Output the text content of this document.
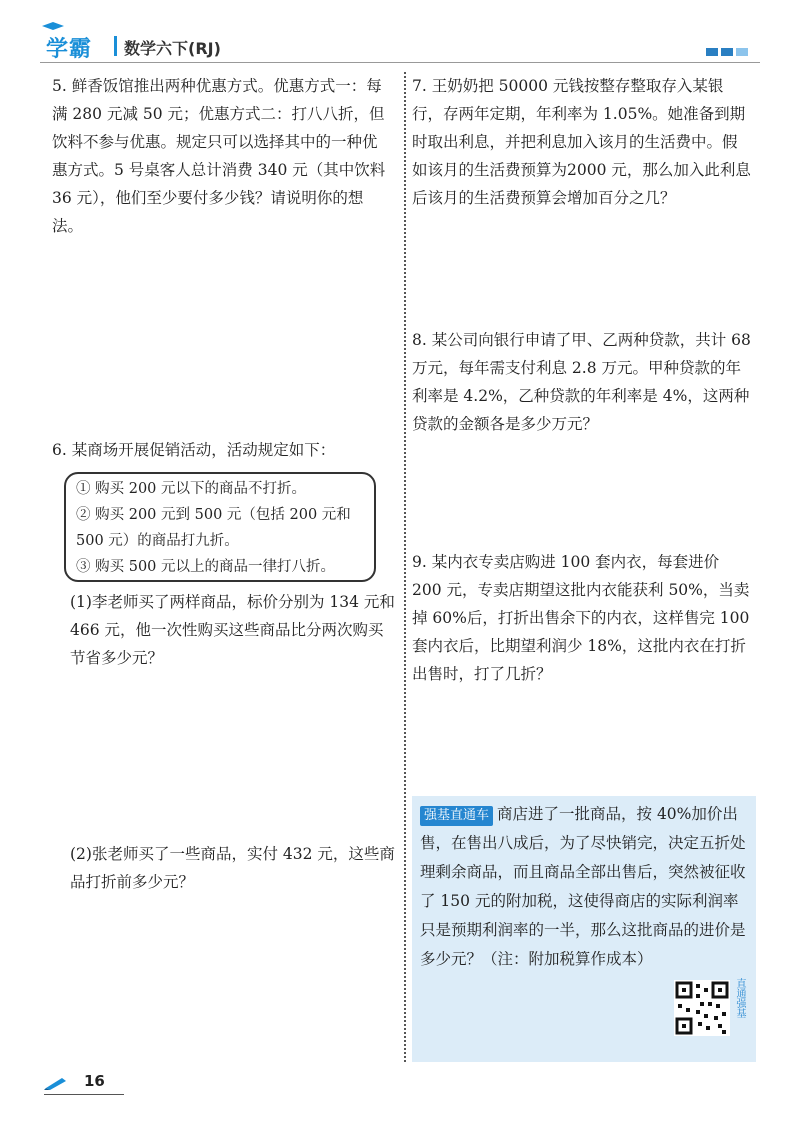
学霸 数学六下(RJ)
5. 鲜香饭馆推出两种优惠方式。优惠方式一：每满 280 元减 50 元；优惠方式二：打八八折，但饮料不参与优惠。规定只可以选择其中的一种优惠方式。5 号桌客人总计消费 340 元（其中饮料 36 元），他们至少要付多少钱？请说明你的想法。
6. 某商场开展促销活动，活动规定如下：
① 购买 200 元以下的商品不打折。
② 购买 200 元到 500 元（包括 200 元和 500 元）的商品打九折。
③ 购买 500 元以上的商品一律打八折。
(1)李老师买了两样商品，标价分别为 134 元和 466 元，他一次性购买这些商品比分两次购买节省多少元？
(2)张老师买了一些商品，实付 432 元，这些商品打折前多少元？
7. 王奶奶把 50000 元钱按整存整取存入某银行，存两年定期，年利率为 1.05%。她准备到期时取出利息，并把利息加入该月的生活费中。假如该月的生活费预算为2000 元，那么加入此利息后该月的生活费预算会增加百分之几？
8. 某公司向银行申请了甲、乙两种贷款，共计 68 万元，每年需支付利息 2.8 万元。甲种贷款的年利率是 4.2%，乙种贷款的年利率是 4%，这两种贷款的金额各是多少万元？
9. 某内衣专卖店购进 100 套内衣，每套进价 200 元，专卖店期望这批内衣能获利 50%，当卖掉 60%后，打折出售余下的内衣，这样售完 100 套内衣后，比期望利润少 18%，这批内衣在打折出售时，打了几折？
强基直通车 商店进了一批商品，按 40%加价出售，在售出八成后，为了尽快销完，决定五折处理剩余商品，而且商品全部出售后，突然被征收了 150 元的附加税，这使得商店的实际利润率只是预期利润率的一半，那么这批商品的进价是多少元？（注：附加税算作成本）
直通强基
16
